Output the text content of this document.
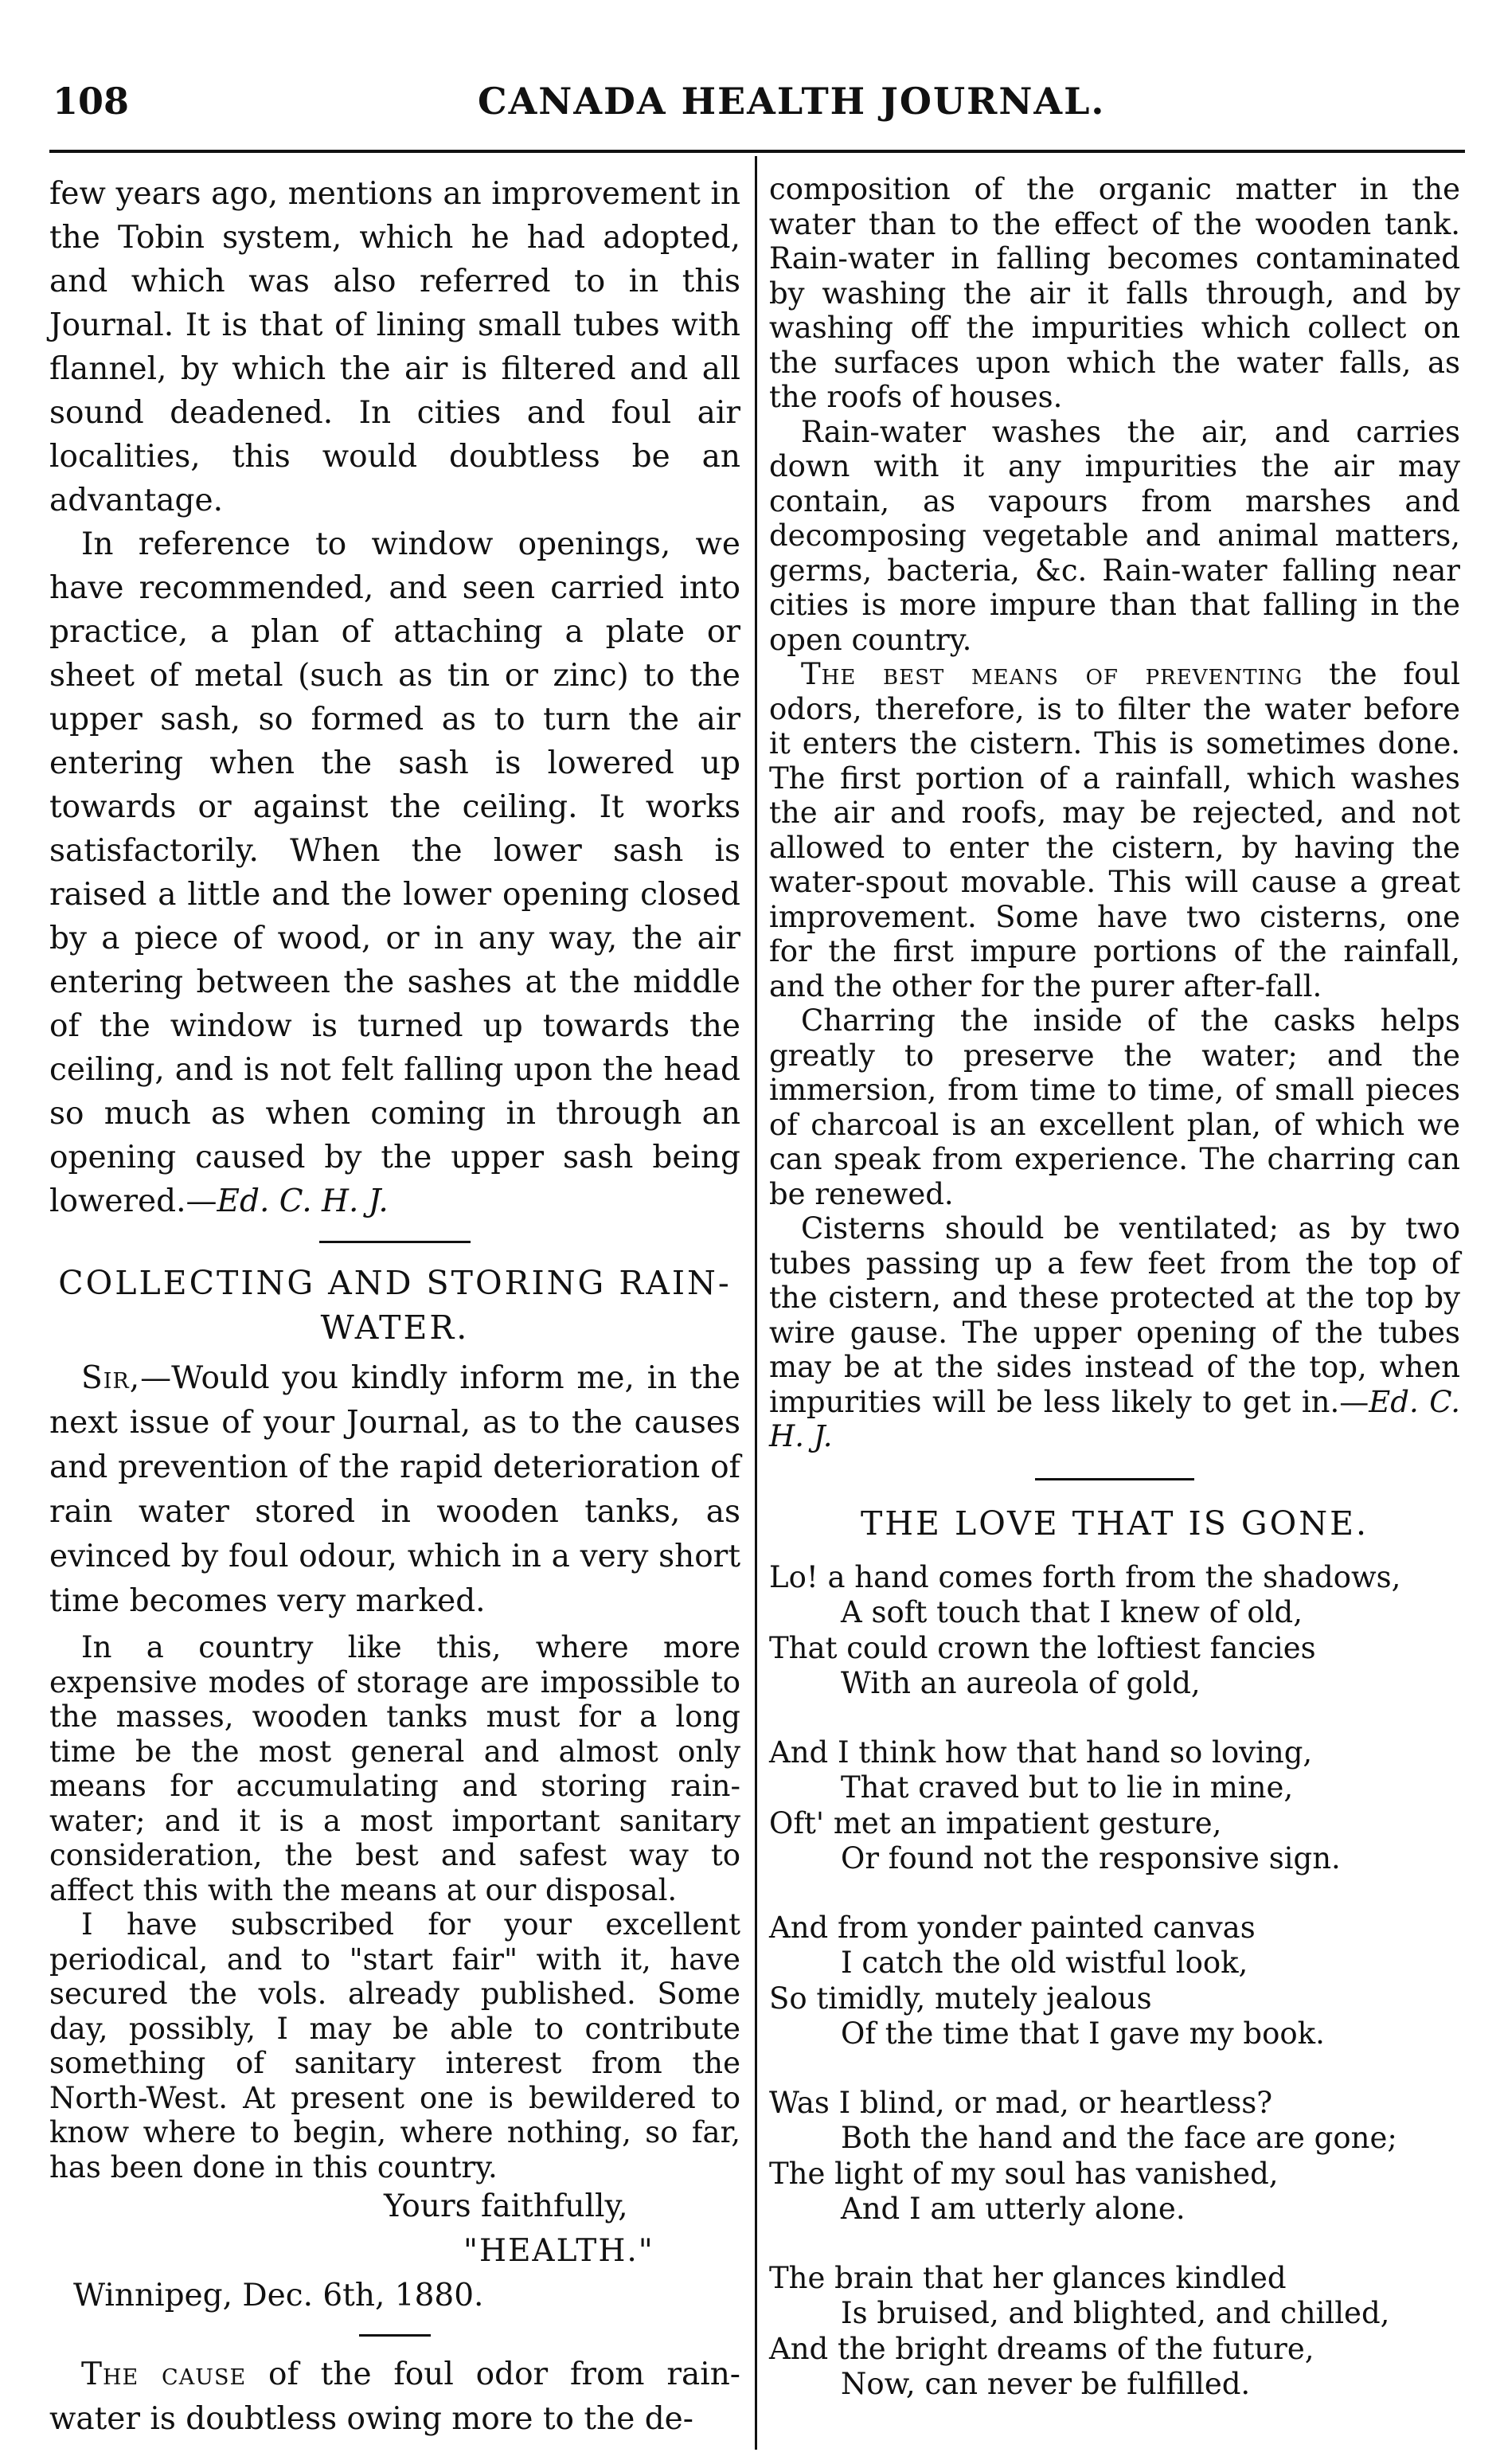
108	CANADA HEALTH JOURNAL.

few years ago, mentions an improvement in the Tobin system, which he had adopted, and which was also referred to in this Journal. It is that of lining small tubes with flannel, by which the air is filtered and all sound deadened. In cities and foul air localities, this would doubtless be an advantage.

In reference to window openings, we have recommended, and seen carried into practice, a plan of attaching a plate or sheet of metal (such as tin or zinc) to the upper sash, so formed as to turn the air entering when the sash is lowered up towards or against the ceiling. It works satisfactorily. When the lower sash is raised a little and the lower opening closed by a piece of wood, or in any way, the air entering between the sashes at the middle of the window is turned up towards the ceiling, and is not felt falling upon the head so much as when coming in through an opening caused by the upper sash being lowered.—Ed. C. H. J.

COLLECTING AND STORING RAIN-WATER.

Sir,—Would you kindly inform me, in the next issue of your Journal, as to the causes and prevention of the rapid deterioration of rain water stored in wooden tanks, as evinced by foul odour, which in a very short time becomes very marked.

In a country like this, where more expensive modes of storage are impossible to the masses, wooden tanks must for a long time be the most general and almost only means for accumulating and storing rain-water; and it is a most important sanitary consideration, the best and safest way to affect this with the means at our disposal.

I have subscribed for your excellent periodical, and to "start fair" with it, have secured the vols. already published. Some day, possibly, I may be able to contribute something of sanitary interest from the North-West. At present one is bewildered to know where to begin, where nothing, so far, has been done in this country.

Yours faithfully,
"HEALTH."
Winnipeg, Dec. 6th, 1880.

The cause of the foul odor from rain-water is doubtless owing more to the de-

composition of the organic matter in the water than to the effect of the wooden tank. Rain-water in falling becomes contaminated by washing the air it falls through, and by washing off the impurities which collect on the surfaces upon which the water falls, as the roofs of houses.

Rain-water washes the air, and carries down with it any impurities the air may contain, as vapours from marshes and decomposing vegetable and animal matters, germs, bacteria, &c. Rain-water falling near cities is more impure than that falling in the open country.

The best means of preventing the foul odors, therefore, is to filter the water before it enters the cistern. This is sometimes done. The first portion of a rainfall, which washes the air and roofs, may be rejected, and not allowed to enter the cistern, by having the water-spout movable. This will cause a great improvement. Some have two cisterns, one for the first impure portions of the rainfall, and the other for the purer after-fall.

Charring the inside of the casks helps greatly to preserve the water; and the immersion, from time to time, of small pieces of charcoal is an excellent plan, of which we can speak from experience. The charring can be renewed.

Cisterns should be ventilated; as by two tubes passing up a few feet from the top of the cistern, and these protected at the top by wire gause. The upper opening of the tubes may be at the sides instead of the top, when impurities will be less likely to get in.—Ed. C. H. J.

THE LOVE THAT IS GONE.
Lo! a hand comes forth from the shadows,
A soft touch that I knew of old,
That could crown the loftiest fancies
With an aureola of gold,
And I think how that hand so loving,
That craved but to lie in mine,
Oft' met an impatient gesture,
Or found not the responsive sign.
And from yonder painted canvas
I catch the old wistful look,
So timidly, mutely jealous
Of the time that I gave my book.
Was I blind, or mad, or heartless?
Both the hand and the face are gone;
The light of my soul has vanished,
And I am utterly alone.
The brain that her glances kindled
Is bruised, and blighted, and chilled,
And the bright dreams of the future,
Now, can never be fulfilled.
